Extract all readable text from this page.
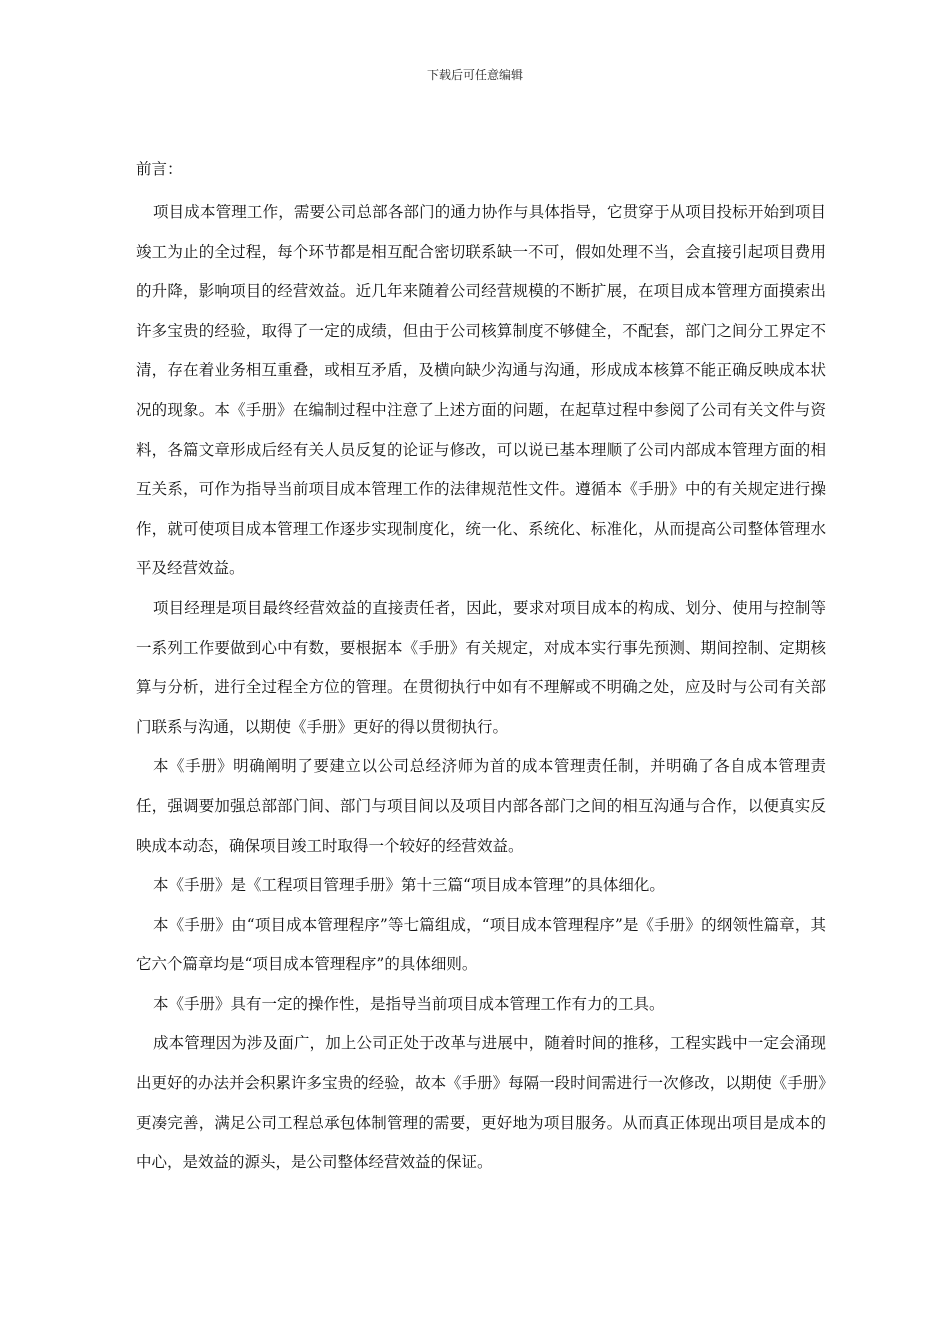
下载后可任意编辑
前言：

项目成本管理工作，需要公司总部各部门的通力协作与具体指导，它贯穿于从项目投标开始到项目竣工为止的全过程，每个环节都是相互配合密切联系缺一不可，假如处理不当，会直接引起项目费用的升降，影响项目的经营效益。近几年来随着公司经营规模的不断扩展，在项目成本管理方面摸索出许多宝贵的经验，取得了一定的成绩，但由于公司核算制度不够健全，不配套，部门之间分工界定不清，存在着业务相互重叠，或相互矛盾，及横向缺少沟通与沟通，形成成本核算不能正确反映成本状况的现象。本《手册》在编制过程中注意了上述方面的问题，在起草过程中参阅了公司有关文件与资料，各篇文章形成后经有关人员反复的论证与修改，可以说已基本理顺了公司内部成本管理方面的相互关系，可作为指导当前项目成本管理工作的法律规范性文件。遵循本《手册》中的有关规定进行操作，就可使项目成本管理工作逐步实现制度化，统一化、系统化、标准化，从而提高公司整体管理水平及经营效益。

项目经理是项目最终经营效益的直接责任者，因此，要求对项目成本的构成、划分、使用与控制等一系列工作要做到心中有数，要根据本《手册》有关规定，对成本实行事先预测、期间控制、定期核算与分析，进行全过程全方位的管理。在贯彻执行中如有不理解或不明确之处，应及时与公司有关部门联系与沟通，以期使《手册》更好的得以贯彻执行。

本《手册》明确阐明了要建立以公司总经济师为首的成本管理责任制，并明确了各自成本管理责任，强调要加强总部部门间、部门与项目间以及项目内部各部门之间的相互沟通与合作，以便真实反映成本动态，确保项目竣工时取得一个较好的经营效益。

本《手册》是《工程项目管理手册》第十三篇“项目成本管理”的具体细化。

本《手册》由“项目成本管理程序”等七篇组成，“项目成本管理程序”是《手册》的纲领性篇章，其它六个篇章均是“项目成本管理程序”的具体细则。

本《手册》具有一定的操作性，是指导当前项目成本管理工作有力的工具。

成本管理因为涉及面广，加上公司正处于改革与进展中，随着时间的推移，工程实践中一定会涌现出更好的办法并会积累许多宝贵的经验，故本《手册》每隔一段时间需进行一次修改，以期使《手册》更凑完善，满足公司工程总承包体制管理的需要，更好地为项目服务。从而真正体现出项目是成本的中心，是效益的源头，是公司整体经营效益的保证。
